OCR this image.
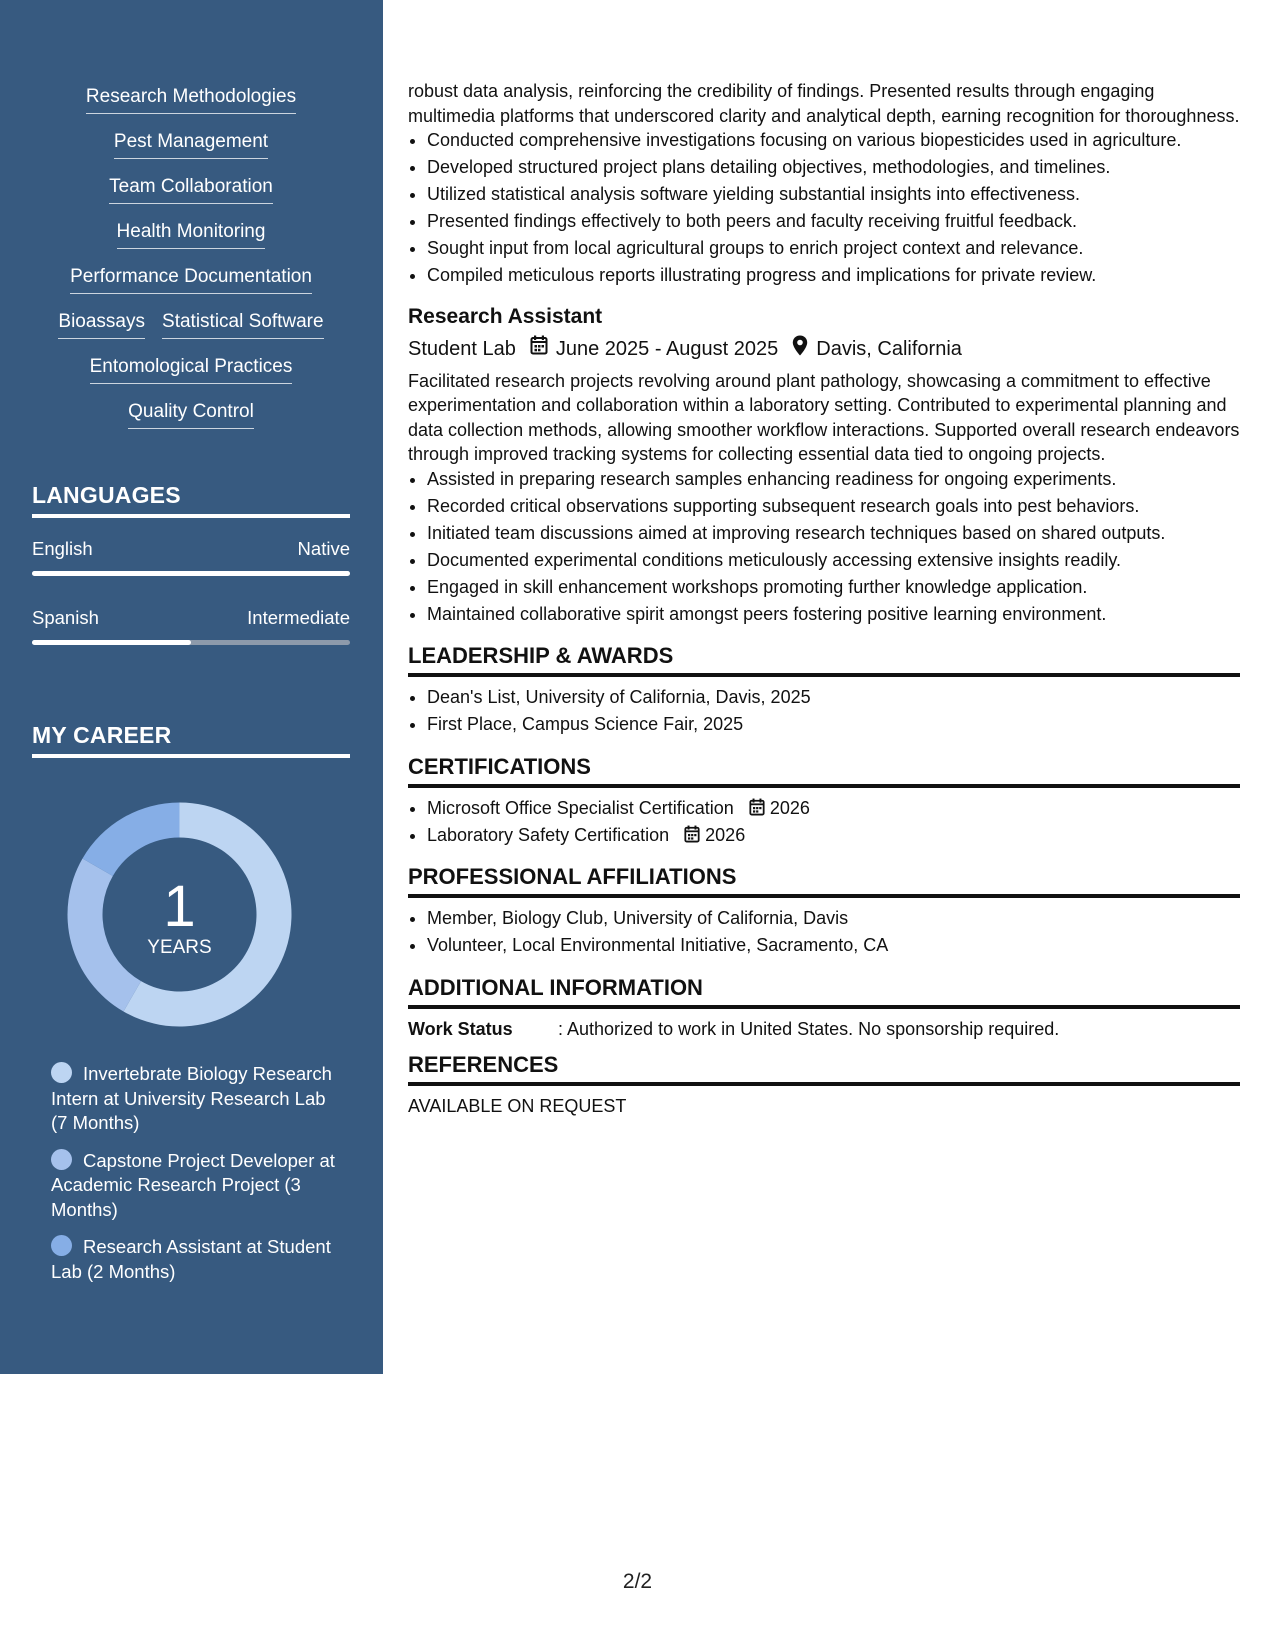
Research Methodologies
Pest Management
Team Collaboration
Health Monitoring
Performance Documentation
Bioassays Statistical Software
Entomological Practices
Quality Control
LANGUAGES
English	Native
Spanish	Intermediate
MY CAREER
1
YEARS
Invertebrate Biology Research Intern at University Research Lab (7 Months)
Capstone Project Developer at Academic Research Project (3 Months)
Research Assistant at Student Lab (2 Months)

robust data analysis, reinforcing the credibility of findings. Presented results through engaging multimedia platforms that underscored clarity and analytical depth, earning recognition for thoroughness.

• Conducted comprehensive investigations focusing on various biopesticides used in agriculture.
• Developed structured project plans detailing objectives, methodologies, and timelines.
• Utilized statistical analysis software yielding substantial insights into effectiveness.
• Presented findings effectively to both peers and faculty receiving fruitful feedback.
• Sought input from local agricultural groups to enrich project context and relevance.
• Compiled meticulous reports illustrating progress and implications for private review.
Research Assistant
Student Lab June 2025 - August 2025 Davis, California

Facilitated research projects revolving around plant pathology, showcasing a commitment to effective experimentation and collaboration within a laboratory setting. Contributed to experimental planning and data collection methods, allowing smoother workflow interactions. Supported overall research endeavors through improved tracking systems for collecting essential data tied to ongoing projects.

• Assisted in preparing research samples enhancing readiness for ongoing experiments.
• Recorded critical observations supporting subsequent research goals into pest behaviors.
• Initiated team discussions aimed at improving research techniques based on shared outputs.
• Documented experimental conditions meticulously accessing extensive insights readily.
• Engaged in skill enhancement workshops promoting further knowledge application.
• Maintained collaborative spirit amongst peers fostering positive learning environment.
LEADERSHIP & AWARDS
• Dean's List, University of California, Davis, 2025
• First Place, Campus Science Fair, 2025
CERTIFICATIONS
• Microsoft Office Specialist Certification 2026
• Laboratory Safety Certification 2026
PROFESSIONAL AFFILIATIONS
• Member, Biology Club, University of California, Davis
• Volunteer, Local Environmental Initiative, Sacramento, CA
ADDITIONAL INFORMATION
Work Status	: Authorized to work in United States. No sponsorship required.
REFERENCES
AVAILABLE ON REQUEST
2/2
